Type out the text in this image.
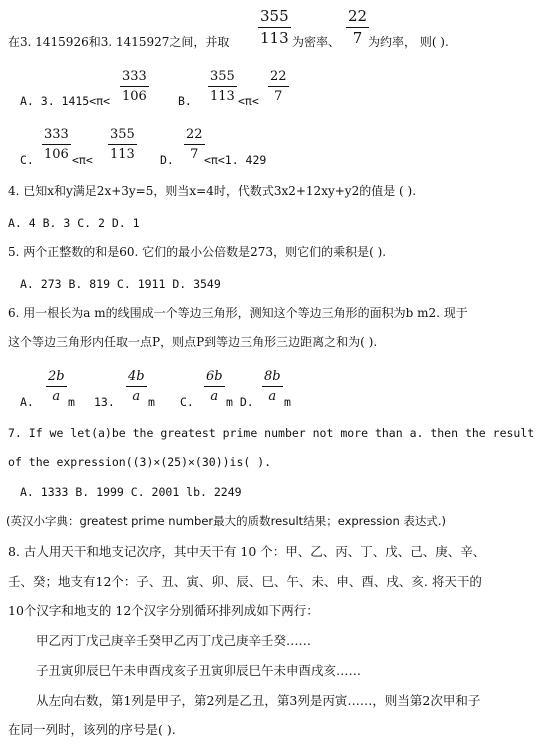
在3. 1415926和3. 1415927之间，并取 $\frac{355}{113}$ 为密率、 $\frac{22}{7}$
为约率， 则( ).
A. 3. $1415<\pi< \frac{333}{106}$	B. $\frac{355}{113} <\pi< \frac{22}{7}$
C. $\frac{333}{106} <\pi< \frac{355}{113} D$. $\frac{22}{7} <\pi<1$. 429
4. 已知x和y满足2x+3y=5，则当x=4时，代数式3x2+12xy+y2的值是 ( ).
A. 4 B. 3 C. 2 D. 1
5. 两个正整数的和是60. 它们的最小公倍数是273，则它们的乘积是( ).
A. 273 B. 819 C. 1911 D. 3549
6. 用一根长为a m的线围成一个等边三角形，测知这个等边三角形的面积为b m2. 现于
这个等边三角形内任取一点P，则点P到等边三角形三边距离之和为( ).
A. $\frac{2b}{a}$ m 13. $\frac{4b}{a}$ m C. $\frac{6b}{a}$ m D. $\frac{8b}{a}$ m
7. If we let(a)be the greatest prime number not more than a. then the result
of the expression((3)×(25)×(30))is( ).
A. 1333 B. 1999 C. 2001 lb. 2249
(英汉小字典：greatest prime number最大的质数result结果；expression 表达式.)
8. 古人用天干和地支记次序，其中天干有 10 个：甲、乙、丙、丁、戊、己、庚、辛、
壬、癸；地支有12个：子、丑、寅、卯、辰、巳、午、未、申、酉、戌、亥. 将天干的
10个汉字和地支的 12个汉字分别循环排列成如下两行：
甲乙丙丁戊己庚辛壬癸甲乙丙丁戊己庚辛壬癸……
子丑寅卯辰巳午未申酉戌亥子丑寅卯辰巳午未申酉戌亥……
从左向右数，第1列是甲子，第2列是乙丑，第3列是丙寅……，则当第2次甲和子
在同一列时，该列的序号是( ).
